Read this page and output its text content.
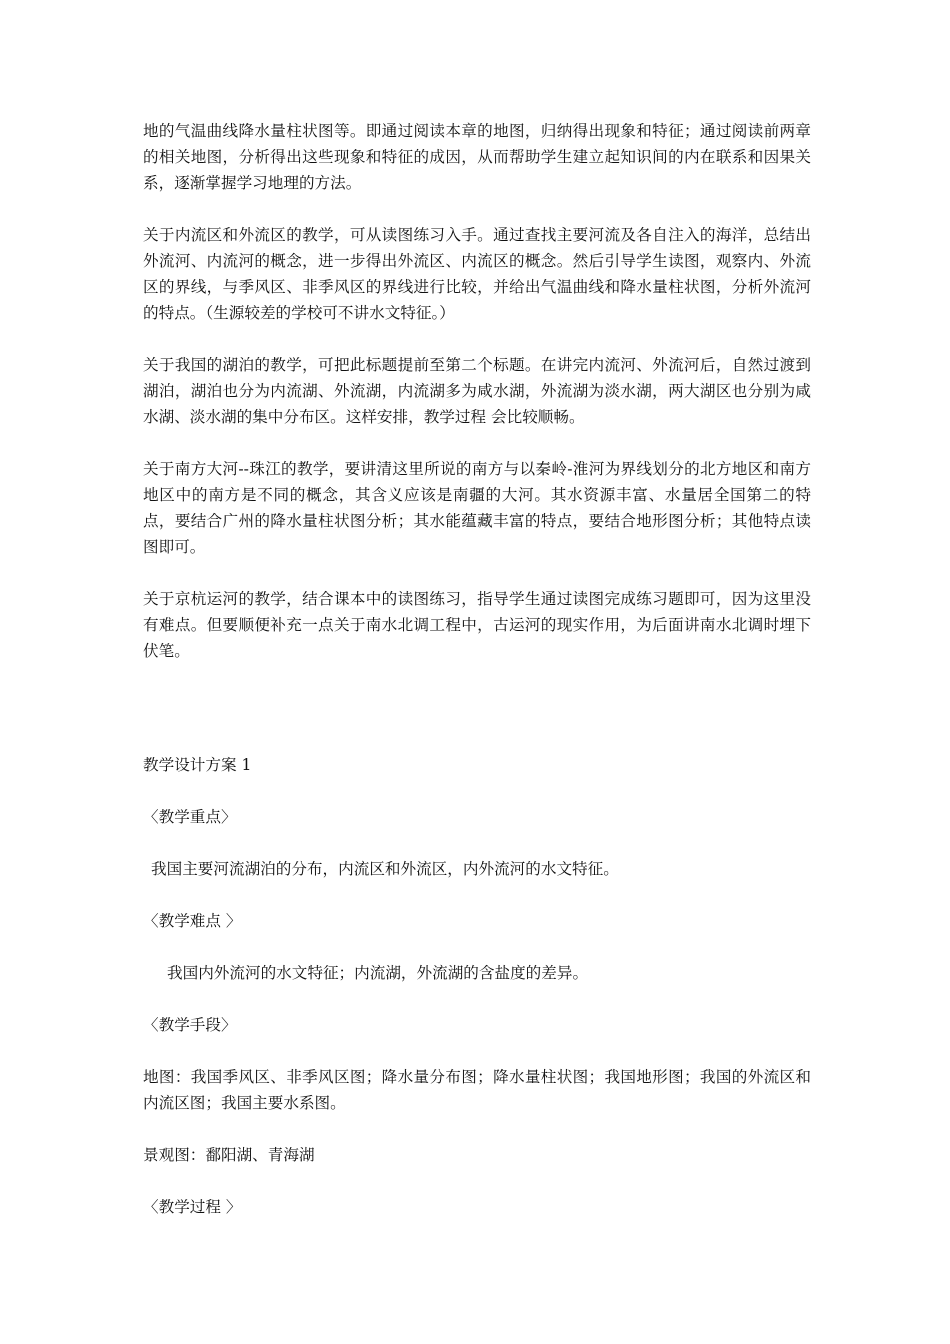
地的气温曲线降水量柱状图等。即通过阅读本章的地图，归纳得出现象和特征；通过阅读前两章的相关地图，分析得出这些现象和特征的成因，从而帮助学生建立起知识间的内在联系和因果关系，逐渐掌握学习地理的方法。

关于内流区和外流区的教学，可从读图练习入手。通过查找主要河流及各自注入的海洋，总结出外流河、内流河的概念，进一步得出外流区、内流区的概念。然后引导学生读图，观察内、外流区的界线，与季风区、非季风区的界线进行比较，并给出气温曲线和降水量柱状图，分析外流河的特点。（生源较差的学校可不讲水文特征。）

关于我国的湖泊的教学，可把此标题提前至第二个标题。在讲完内流河、外流河后，自然过渡到湖泊，湖泊也分为内流湖、外流湖，内流湖多为咸水湖，外流湖为淡水湖，两大湖区也分别为咸水湖、淡水湖的集中分布区。这样安排，教学过程 会比较顺畅。

关于南方大河--珠江的教学，要讲清这里所说的南方与以秦岭-淮河为界线划分的北方地区和南方地区中的南方是不同的概念，其含义应该是南疆的大河。其水资源丰富、水量居全国第二的特点，要结合广州的降水量柱状图分析；其水能蕴藏丰富的特点，要结合地形图分析；其他特点读图即可。

关于京杭运河的教学，结合课本中的读图练习，指导学生通过读图完成练习题即可，因为这里没有难点。但要顺便补充一点关于南水北调工程中，古运河的现实作用，为后面讲南水北调时埋下伏笔。

教学设计方案 1

〈教学重点〉

我国主要河流湖泊的分布，内流区和外流区，内外流河的水文特征。

〈教学难点 〉

我国内外流河的水文特征；内流湖，外流湖的含盐度的差异。

〈教学手段〉

地图：我国季风区、非季风区图；降水量分布图；降水量柱状图；我国地形图；我国的外流区和内流区图；我国主要水系图。

景观图：鄱阳湖、青海湖

〈教学过程 〉
